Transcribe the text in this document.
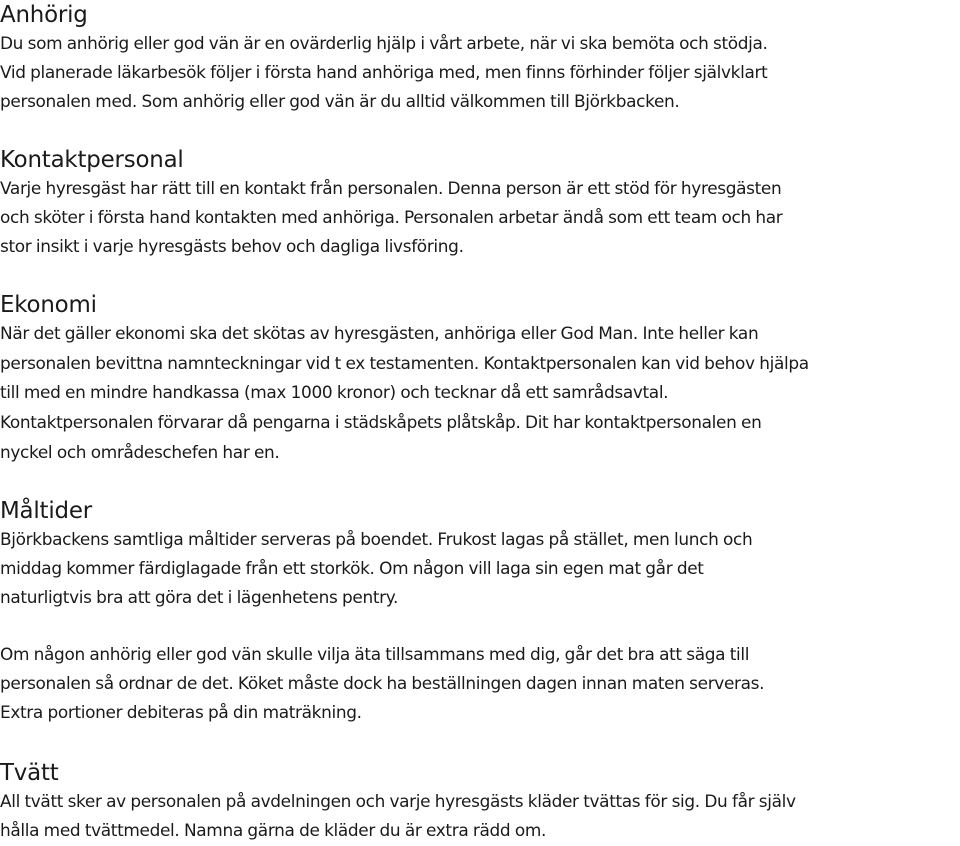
Anhörig
Du som anhörig eller god vän är en ovärderlig hjälp i vårt arbete, när vi ska bemöta och stödja.
Vid planerade läkarbesök följer i första hand anhöriga med, men finns förhinder följer självklart
personalen med. Som anhörig eller god vän är du alltid välkommen till Björkbacken.
Kontaktpersonal
Varje hyresgäst har rätt till en kontakt från personalen. Denna person är ett stöd för hyresgästen
och sköter i första hand kontakten med anhöriga. Personalen arbetar ändå som ett team och har
stor insikt i varje hyresgästs behov och dagliga livsföring.
Ekonomi
När det gäller ekonomi ska det skötas av hyresgästen, anhöriga eller God Man. Inte heller kan
personalen bevittna namnteckningar vid t ex testamenten. Kontaktpersonalen kan vid behov hjälpa
till med en mindre handkassa (max 1000 kronor) och tecknar då ett samrådsavtal.
Kontaktpersonalen förvarar då pengarna i städskåpets plåtskåp. Dit har kontaktpersonalen en
nyckel och områdeschefen har en.
Måltider
Björkbackens samtliga måltider serveras på boendet. Frukost lagas på stället, men lunch och
middag kommer färdiglagade från ett storkök. Om någon vill laga sin egen mat går det
naturligtvis bra att göra det i lägenhetens pentry.
Om någon anhörig eller god vän skulle vilja äta tillsammans med dig, går det bra att säga till
personalen så ordnar de det. Köket måste dock ha beställningen dagen innan maten serveras.
Extra portioner debiteras på din maträkning.
Tvätt
All tvätt sker av personalen på avdelningen och varje hyresgästs kläder tvättas för sig. Du får själv
hålla med tvättmedel. Namna gärna de kläder du är extra rädd om.
